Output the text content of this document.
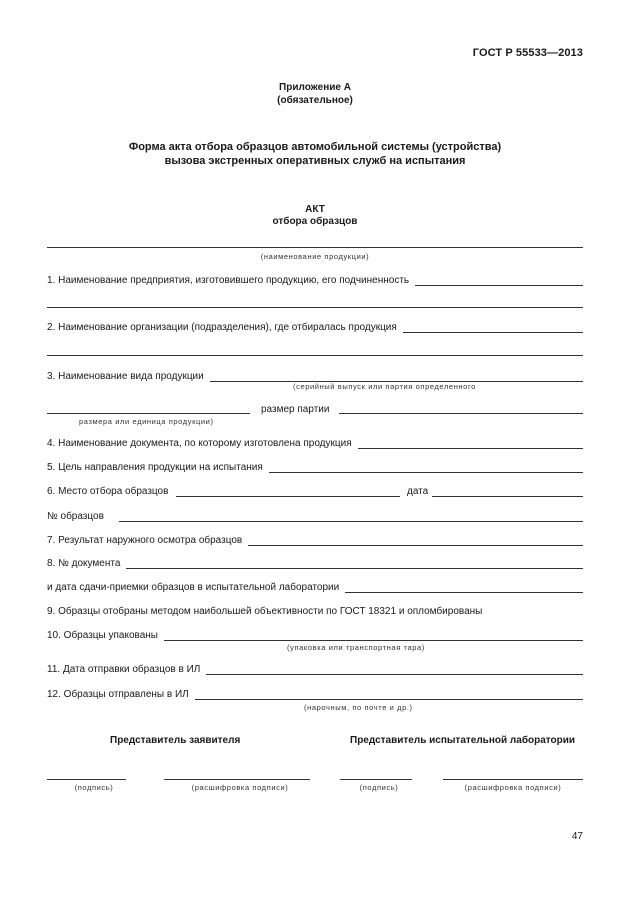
ГОСТ Р 55533—2013
Приложение А
(обязательное)
Форма акта отбора образцов автомобильной системы (устройства)
вызова экстренных оперативных служб на испытания
АКТ
отбора образцов
(наименование продукции)
1. Наименование предприятия, изготовившего продукцию, его подчиненность
2. Наименование организации (подразделения), где отбиралась продукция
3. Наименование вида продукции
(серийный выпуск или партия определенного
размер партии
размера или единица продукции)
4. Наименование документа, по которому изготовлена продукция
5. Цель направления продукции на испытания
6. Место отбора образцов	дата
№ образцов
7. Результат наружного осмотра образцов
8. № документа
и дата сдачи-приемки образцов в испытательной лаборатории
9. Образцы отобраны методом наибольшей объективности по ГОСТ 18321 и опломбированы
10. Образцы упакованы
(упаковка или транспортная тара)
11. Дата отправки образцов в ИЛ
12. Образцы отправлены в ИЛ
(нарочным, по почте и др.)
Представитель заявителя	Представитель испытательной лаборатории
(подпись)	(расшифровка подписи)	(подпись)	(расшифровка подписи)
47
